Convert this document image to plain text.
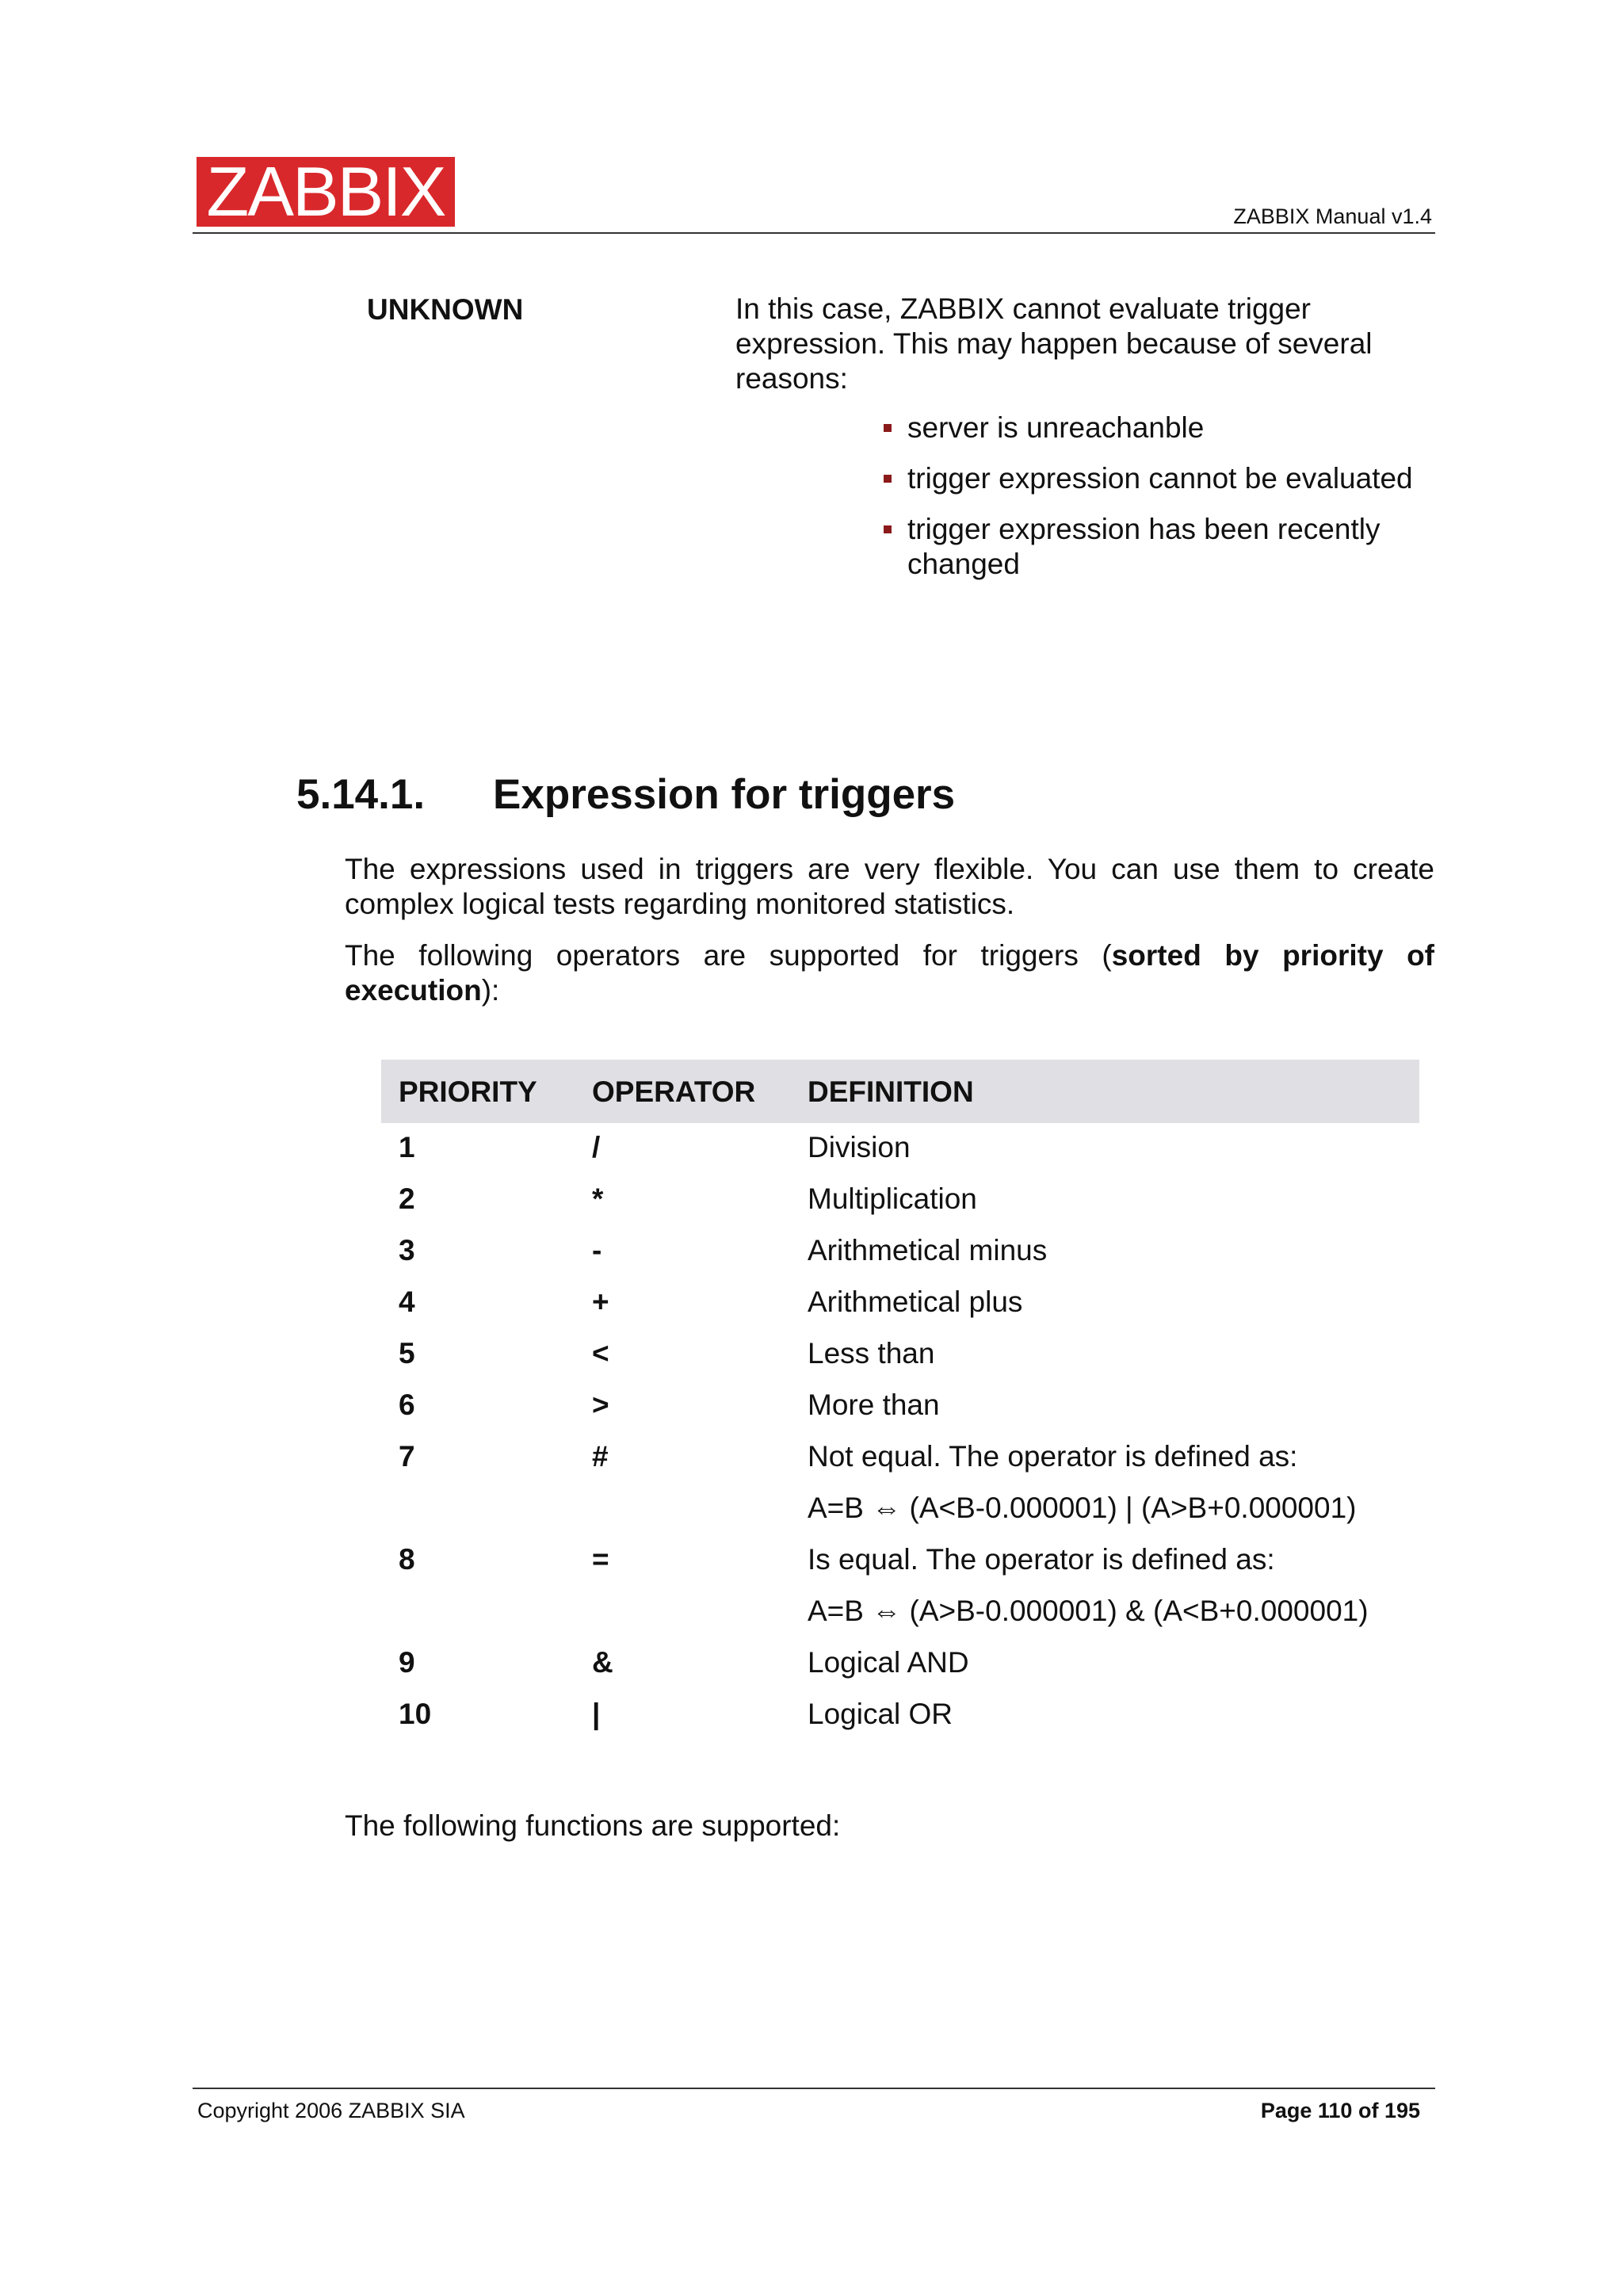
ZABBIX	ZABBIX Manual v1.4
UNKNOWN	In this case, ZABBIX cannot evaluate trigger expression. This may happen because of several reasons:
server is unreachanble
trigger expression cannot be evaluated
trigger expression has been recently changed
5.14.1. Expression for triggers
The expressions used in triggers are very flexible. You can use them to create complex logical tests regarding monitored statistics.
The following operators are supported for triggers (sorted by priority of execution):
PRIORITY OPERATOR DEFINITION
1	/	Division
2	*	Multiplication
3	-	Arithmetical minus
4	+	Arithmetical plus
5	<	Less than
6	>	More than
7	#	Not equal. The operator is defined as:
A=B ⇔ (A<B-0.000001) | (A>B+0.000001)
8	=	Is equal. The operator is defined as:
A=B ⇔ (A>B-0.000001) & (A<B+0.000001)
9	&	Logical AND
10	|	Logical OR
The following functions are supported:
Copyright 2006 ZABBIX SIA	Page 110 of 195
